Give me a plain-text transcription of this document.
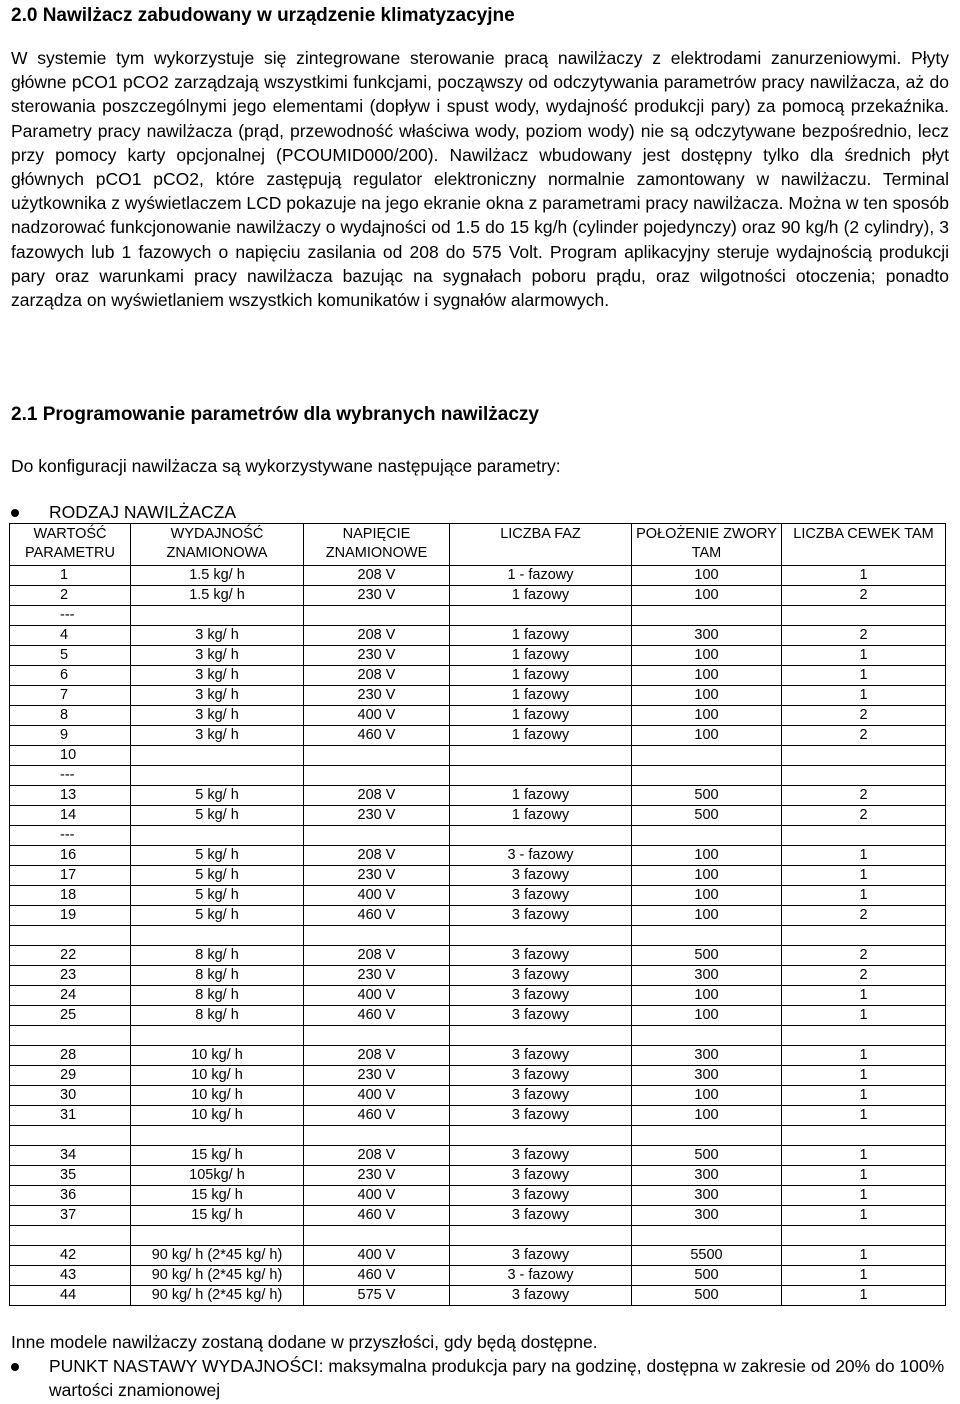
2.0 Nawilżacz zabudowany w urządzenie klimatyzacyjne

W systemie tym wykorzystuje się zintegrowane sterowanie pracą nawilżaczy z elektrodami zanurzeniowymi. Płyty główne pCO1 pCO2 zarządzają wszystkimi funkcjami, począwszy od odczytywania parametrów pracy nawilżacza, aż do sterowania poszczególnymi jego elementami (dopływ i spust wody, wydajność produkcji pary) za pomocą przekaźnika. Parametry pracy nawilżacza (prąd, przewodność właściwa wody, poziom wody) nie są odczytywane bezpośrednio, lecz przy pomocy karty opcjonalnej (PCOUMID000/200). Nawilżacz wbudowany jest dostępny tylko dla średnich płyt głównych pCO1 pCO2, które zastępują regulator elektroniczny normalnie zamontowany w nawilżaczu. Terminal użytkownika z wyświetlaczem LCD pokazuje na jego ekranie okna z parametrami pracy nawilżacza. Można w ten sposób nadzorować funkcjonowanie nawilżaczy o wydajności od 1.5 do 15 kg/h (cylinder pojedynczy) oraz 90 kg/h (2 cylindry), 3 fazowych lub 1 fazowych o napięciu zasilania od 208 do 575 Volt. Program aplikacyjny steruje wydajnością produkcji pary oraz warunkami pracy nawilżacza bazując na sygnałach poboru prądu, oraz wilgotności otoczenia; ponadto zarządza on wyświetlaniem wszystkich komunikatów i sygnałów alarmowych.

2.1 Programowanie parametrów dla wybranych nawilżaczy

Do konfiguracji nawilżacza są wykorzystywane następujące parametry:

RODZAJ NAWILŻACZA
WARTOŚĆ PARAMETRU	WYDAJNOŚĆ ZNAMIONOWA	NAPIĘCIE ZNAMIONOWE	LICZBA FAZ	POŁOŻENIE ZWORY TAM	LICZBA CEWEK TAM
1	1.5 kg/ h	208 V	1 - fazowy	100	1
2	1.5 kg/ h	230 V	1 fazowy	100	2
---					
4	3 kg/ h	208 V	1 fazowy	300	2
5	3 kg/ h	230 V	1 fazowy	100	1
6	3 kg/ h	208 V	1 fazowy	100	1
7	3 kg/ h	230 V	1 fazowy	100	1
8	3 kg/ h	400 V	1 fazowy	100	2
9	3 kg/ h	460 V	1 fazowy	100	2
10					
---					
13	5 kg/ h	208 V	1 fazowy	500	2
14	5 kg/ h	230 V	1 fazowy	500	2
---					
16	5 kg/ h	208 V	3 - fazowy	100	1
17	5 kg/ h	230 V	3 fazowy	100	1
18	5 kg/ h	400 V	3 fazowy	100	1
19	5 kg/ h	460 V	3 fazowy	100	2

22	8 kg/ h	208 V	3 fazowy	500	2
23	8 kg/ h	230 V	3 fazowy	300	2
24	8 kg/ h	400 V	3 fazowy	100	1
25	8 kg/ h	460 V	3 fazowy	100	1

28	10 kg/ h	208 V	3 fazowy	300	1
29	10 kg/ h	230 V	3 fazowy	300	1
30	10 kg/ h	400 V	3 fazowy	100	1
31	10 kg/ h	460 V	3 fazowy	100	1

34	15 kg/ h	208 V	3 fazowy	500	1
35	105kg/ h	230 V	3 fazowy	300	1
36	15 kg/ h	400 V	3 fazowy	300	1
37	15 kg/ h	460 V	3 fazowy	300	1

42	90 kg/ h (2*45 kg/ h)	400 V	3 fazowy	5500	1
43	90 kg/ h (2*45 kg/ h)	460 V	3 - fazowy	500	1
44	90 kg/ h (2*45 kg/ h)	575 V	3 fazowy	500	1

Inne modele nawilżaczy zostaną dodane w przyszłości, gdy będą dostępne.

PUNKT NASTAWY WYDAJNOŚCI: maksymalna produkcja pary na godzinę, dostępna w zakresie od 20% do 100% wartości znamionowej
